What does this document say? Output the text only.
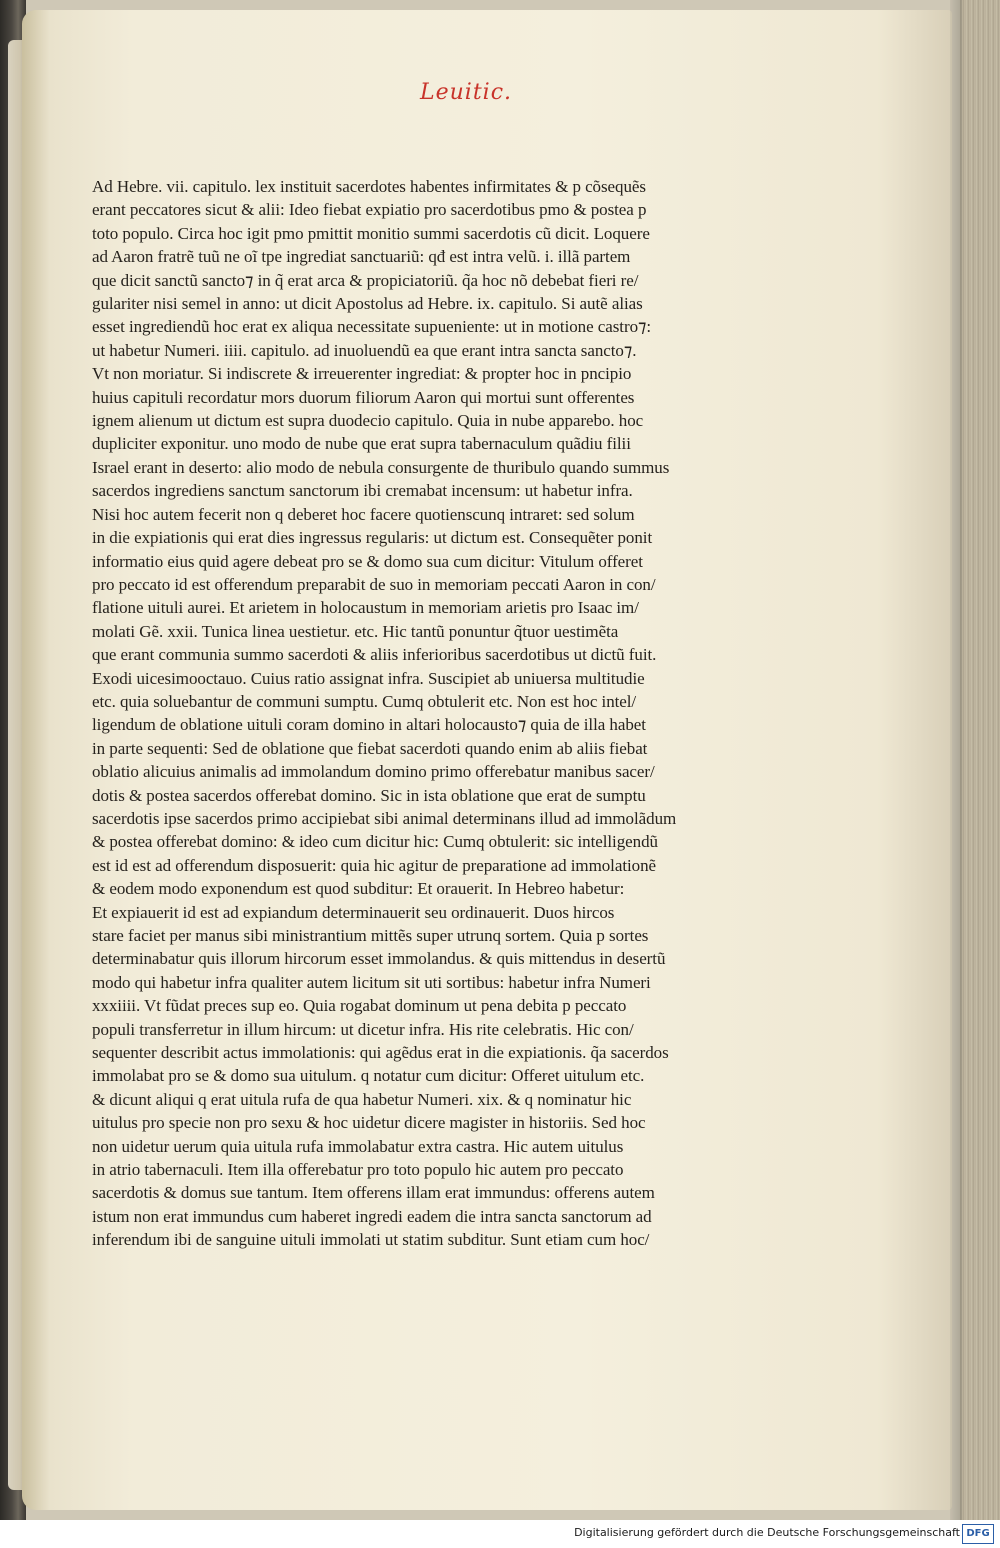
Leuitic.
Ad Hebre. vii. capitulo. lex instituit sacerdotes habentes infirmitates & p cõsequẽs
erant peccatores sicut & alii: Ideo fiebat expiatio pro sacerdotibus pmo & postea p
toto populo. Circa hoc igit pmo pmittit monitio summi sacerdotis cũ dicit. Loquere
ad Aaron fratrẽ tuũ ne oĩ tpe ingrediat sanctuariũ: qđ est intra velũ. i. illã partem
que dicit sanctũ sancto⁊ in q̃ erat arca & propiciatoriũ. q̃a hoc nõ debebat fieri re/
gulariter nisi semel in anno: ut dicit Apostolus ad Hebre. ix. capitulo. Si autẽ alias
esset ingrediendũ hoc erat ex aliqua necessitate supueniente: ut in motione castro⁊:
ut habetur Numeri. iiii. capitulo. ad inuoluendũ ea que erant intra sancta sancto⁊.
Vt non moriatur. Si indiscrete & irreuerenter ingrediat: & propter hoc in pncipio
huius capituli recordatur mors duorum filiorum Aaron qui mortui sunt offerentes
ignem alienum ut dictum est supra duodecio capitulo. Quia in nube apparebo. hoc
dupliciter exponitur. uno modo de nube que erat supra tabernaculum quãdiu filii
Israel erant in deserto: alio modo de nebula consurgente de thuribulo quando summus
sacerdos ingrediens sanctum sanctorum ibi cremabat incensum: ut habetur infra.
Nisi hoc autem fecerit non q deberet hoc facere quotienscunq intraret: sed solum
in die expiationis qui erat dies ingressus regularis: ut dictum est. Consequẽter ponit
informatio eius quid agere debeat pro se & domo sua cum dicitur: Vitulum offeret
pro peccato id est offerendum preparabit de suo in memoriam peccati Aaron in con/
flatione uituli aurei. Et arietem in holocaustum in memoriam arietis pro Isaac im/
molati Gẽ. xxii. Tunica linea uestietur. etc. Hic tantũ ponuntur q̃tuor uestimẽta
que erant communia summo sacerdoti & aliis inferioribus sacerdotibus ut dictũ fuit.
Exodi uicesimooctauo. Cuius ratio assignat infra. Suscipiet ab uniuersa multitudie
etc. quia soluebantur de communi sumptu. Cumq obtulerit etc. Non est hoc intel/
ligendum de oblatione uituli coram domino in altari holocausto⁊ quia de illa habet
in parte sequenti: Sed de oblatione que fiebat sacerdoti quando enim ab aliis fiebat
oblatio alicuius animalis ad immolandum domino primo offerebatur manibus sacer/
dotis & postea sacerdos offerebat domino. Sic in ista oblatione que erat de sumptu
sacerdotis ipse sacerdos primo accipiebat sibi animal determinans illud ad immolãdum
& postea offerebat domino: & ideo cum dicitur hic: Cumq obtulerit: sic intelligendũ
est id est ad offerendum disposuerit: quia hic agitur de preparatione ad immolationẽ
& eodem modo exponendum est quod subditur: Et orauerit. In Hebreo habetur:
Et expiauerit id est ad expiandum determinauerit seu ordinauerit. Duos hircos
stare faciet per manus sibi ministrantium mittẽs super utrunq sortem. Quia p sortes
determinabatur quis illorum hircorum esset immolandus. & quis mittendus in desertũ
modo qui habetur infra qualiter autem licitum sit uti sortibus: habetur infra Numeri
xxxiiii. Vt fũdat preces sup eo. Quia rogabat dominum ut pena debita p peccato
populi transferretur in illum hircum: ut dicetur infra. His rite celebratis. Hic con/
sequenter describit actus immolationis: qui agẽdus erat in die expiationis. q̃a sacerdos
immolabat pro se & domo sua uitulum. q notatur cum dicitur: Offeret uitulum etc.
& dicunt aliqui q erat uitula rufa de qua habetur Numeri. xix. & q nominatur hic
uitulus pro specie non pro sexu & hoc uidetur dicere magister in historiis. Sed hoc
non uidetur uerum quia uitula rufa immolabatur extra castra. Hic autem uitulus
in atrio tabernaculi. Item illa offerebatur pro toto populo hic autem pro peccato
sacerdotis & domus sue tantum. Item offerens illam erat immundus: offerens autem
istum non erat immundus cum haberet ingredi eadem die intra sancta sanctorum ad
inferendum ibi de sanguine uituli immolati ut statim subditur. Sunt etiam cum hoc/
Digitalisierung gefördert durch die Deutsche Forschungsgemeinschaft DFG
